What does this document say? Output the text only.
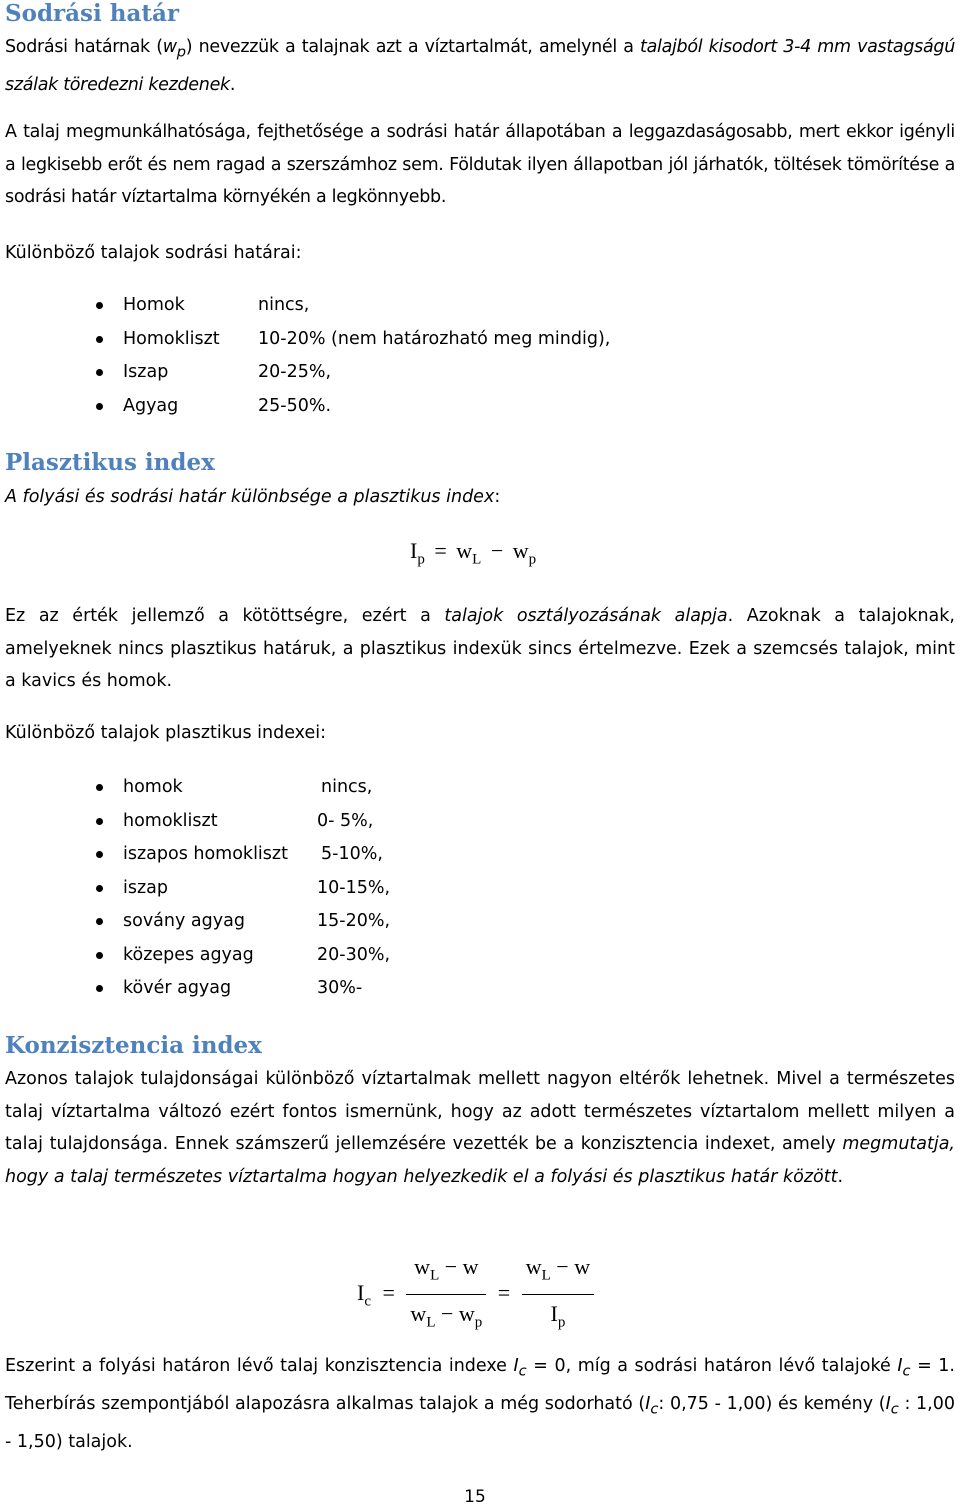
Sodrási határ

Sodrási határnak $(w_p)$ nevezzük a talajnak azt a víztartalmát, amelynél a talajból kisodort 3-4 mm vastagságú szálak töredezni kezdenek.

A talaj megmunkálhatósága, fejthetősége a sodrási határ állapotában a leggazdaságosabb, mert ekkor igényli a legkisebb erőt és nem ragad a szerszámhoz sem. Földutak ilyen állapotban jól járhatók, töltések tömörítése a sodrási határ víztartalma környékén a legkönnyebb.

Különböző talajok sodrási határai:

Homok	nincs,
Homokliszt 10-20% (nem határozható meg mindig),
Iszap	20-25%,
Agyag	25-50%.
Plasztikus index

A folyási és sodrási határ különbsége a plasztikus index:

$I_p = w_L - w_p$

Ez az érték jellemző a kötöttségre, ezért a talajok osztályozásának alapja. Azoknak a talajoknak, amelyeknek nincs plasztikus határuk, a plasztikus indexük sincs értelmezve. Ezek a szemcsés talajok, mint a kavics és homok.

Különböző talajok plasztikus indexei:

homok	nincs,
homokliszt	0- 5%,
iszapos homokliszt 5-10%,
iszap	10-15%,
sovány agyag	15-20%,
közepes agyag	20-30%,
kövér agyag	30%-
Konzisztencia index

Azonos talajok tulajdonságai különböző víztartalmak mellett nagyon eltérők lehetnek. Mivel a természetes talaj víztartalma változó ezért fontos ismernünk, hogy az adott természetes víztartalom mellett milyen a talaj tulajdonsága. Ennek számszerű jellemzésére vezették be a konzisztencia indexet, amely megmutatja, hogy a talaj természetes víztartalma hogyan helyezkedik el a folyási és plasztikus határ között.

$I_c = \frac{w_L - w}{w_L - w_p} = \frac{w_L - w}{I_p}$

Eszerint a folyási határon lévő talaj konzisztencia indexe $I_c = 0$, míg a sodrási határon lévő talajoké $I_c = 1$. Teherbírás szempontjából alapozásra alkalmas talajok a még sodorható ($I_c$: 0,75 - 1,00) és kemény ($I_c$ : 1,00 - 1,50) talajok.

15
